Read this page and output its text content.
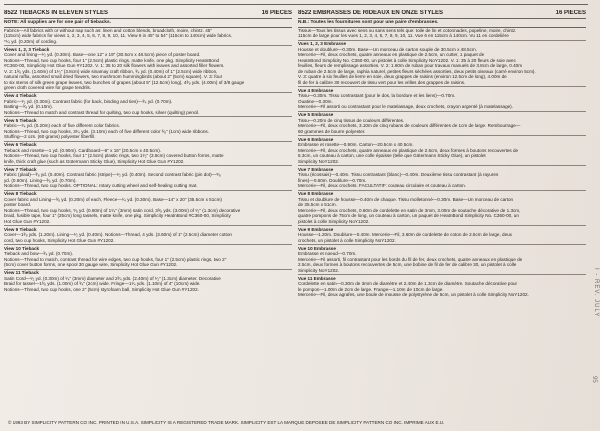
8522 TIEBACKS IN ELEVEN STYLES	16 PIECES
NOTE: All supplies are for one pair of tiebacks.

Fabrics—All fabrics with or without nap such as: linen and cotton blends, broadcloth, moire, chintz. 45"

(115cm) wide fabrics for views 1, 2, 3, 4, 5, 6, 7, 8, 9, 10, 11. View 6 in 45" to 54" (115cm to 140cm) wide fabrics.

*¹⁄₄ yd. (0.20m) of cording.

Views 1, 2, 3 Tieback

Cover and lining—¹⁄₂ yd. (0.30m). Base—one 12" x 19" (30.5cm x 48.5cm) piece of poster board.

Notions—Thread, two cup hooks, four 1" (2.5cm) plastic rings, matte knife, one pkg. Simplicity HeatnBond

#C360-00, Simplicity Hot Glue Gun #Y1202. V. 1: 35 to 20 silk flowers with leaves and assorted filler flowers.

V. 2: 1³⁄₈ yds. (1.60m) of 1¹⁄₂" (3.8cm) wide sinamay craft ribbon, ³⁄₄ yd. (0.40m) of 1" (2.5cm) wide ribbon,

natural raffia, assorted small dried flowers, two mushroom hummingbirds (about 2" (5cm) square). V. 3: four

to six stems of silk green grape leaves, two bunches of grapes (about 5" (12.5cm) long), 4³⁄₈ yds. (4.00m) of 3/8 gauge

green cloth covered wire for grape tendrils.

View 4 Tieback

Fabric—¹⁄₂ yd. (0.30m). Contrast fabric (for back, binding and ties)—³⁄₄ yd. (0.70m).

Batting—³⁄₈ yd. (0.10m).

Notions—Thread to match and contrast thread for quilting, two cup hooks, silver (quilting) pencil.

View 5 Tieback

Fabric—¹⁄₄ yd. (0.20m) each of five different color fabrics.

Notions—Thread, two cup hooks, 3¹⁄₄ yds. (3.10m) each of five different color ³⁄₈" (1cm) wide ribbons.

Stuffing—2 ozs. (60 grams) polyester fiberfill.

View 6 Tieback

Tieback and rosette—1 yd. (0.90m). Cardboard—8" x 16" (20.5cm x 40.5cm).

Notions—Thread, two cup hooks, four 1" (2.5cm) plastic rings, two 1¹⁄₂" (3.8cm) covered button forms, matte

knife, thick craft glue (such as Gütermann Sticky Glue), Simplicity Hot Glue Gun #Y1202.

View 7 Tieback

Fabric (plaid)—³⁄₈ yd. (0.40m). Contrast fabric (stripe)—¹⁄₂ yd. (0.40m). Second contrast fabric (pin dot)—⁵⁄₈

yd. (0.60m). Lining—³⁄₈ yd. (0.70m).

Notions—Thread, two cup hooks. OPTIONAL: rotary cutting wheel and self-healing cutting mat.

View 8 Tieback

Cover fabric and Lining—³⁄₈ yd. (0.20m) of each, Fleece—¹⁄₄ yd. (0.30m). Base—14" x 20" (35.5cm x 51cm)

poster board.

Notions—Thread, two cup hooks, ⁵⁄₈ yd. (0.60m) of 1¹⁄₄" (3mm) satin cord, 3³⁄₈ yds. (3.00m) of ¹⁄₂" (1.3cm) decorative

braid, fusible tape, four 1" (25cm) long tassels, matte knife, one pkg. Simplicity HeatnBond #C360-00, Simplicity

Hot Glue Gun #Y1202.

View 9 Tieback

Cover—1³⁄₈ yds. (1.20m). Lining—¹⁄₂ yd. (0.40m). Notions—Thread, 4 yds. (3.60m) of 1" (2.5cm) diameter cotton

cord, two cup hooks, Simplicity Hot Glue Gun #Y1202.

View 10 Tieback

Tieback and bow—³⁄₄ yd. (0.70m).

Notions—Thread to match, contrast thread for wire edges, two cup hooks, four 1" (2.5cm) plastic rings, two 2"

(5cm) cover button forms, one spool 30 gauge wire, Simplicity Hot Glue Gun #Y1202.

View 11 Tieback

Satin Cord—¹⁄₂ yd. (0.30m) of ¹⁄₄" (3mm) diameter and 2³⁄₄ yds. (2.40m) of ¹⁄₂" (1.3cm) diameter. Decorative

Braid for tassel—1³⁄₈ yds. (1.00m) of ³⁄₄" (2cm) wide. Fringe—1¹⁄₄ yds. (1.10m) of 4" (10cm) wide.

Notions—Thread, two cup hooks, one 2" (5cm) styrofoam ball, Simplicity Hot Glue Gun #Y1202.

8522 EMBRASSES DE RIDEAUX EN ONZE STYLES	16 PIECES
N.B.: Toutes les fournitures sont pour une paire d'embrasses.

Tissus—Tous les tissus avec sens ou sans sens tels que: toile de lin et cotonnades, popeline, moire, chintz.

115cm de large pour les vues 1, 2, 3, 4, 5, 7, 8, 9, 10, 11. Vue 6 en 115cm à 140cm. Vu 11 en cordelière

Vues 1, 2, 3 Embrasse

Housse et doublure—0.30m. Base—Un morceau de carton souple de 30.5cm x 48.5cm.

Mercerie—Fil, deux crochets, quatre anneaux en plastique de 2.5cm, un cutter, 1 paquet de

HeatnBond Simplicity No. C360-00, un pistolet à colle Simplicity NoY1202. V. 1: 35 à 20 fleurs de soie avec

feuilles, fleurs de remplissage assorties. V. 2: 1.60m de ruban pour travaux manuels de 3.8cm de large, 0.40m

de ruban de 2.5cm de large, raphia naturel, petites fleurs séchées assorties, deux petits oiseaux (carré environ 5cm).

V. 3: quatre à six feuilles de lierre en soie, deux grappes de raisins (environ 12.5cm de long), 4.00m de

fil de fer à calibre 30 recouvert de tissu vert pour les vrilles des grappes de raisins.

Vue 4 Embrasse

Tissu—0.30m. Tissu contrastant (pour le dos, la bordure et les liens)—0.70m.

Ouatine—0.30m.

Mercerie—Fil assorti ou contrastant pour le matelassage, deux crochets, crayon argenté (à matelassage).

Vue 5 Embrasse

Tissu—0.20m de cinq tissus de couleurs différentes.

Mercerie—Fil, deux crochets, 3.10m de cinq rubans de couleurs différentes de 1cm de large. Rembourrage—

60 grammes de bourre polyester.

Vue 6 Embrasse

Embrasse et rosette—0.90m. Carton—20.5cm x 40.5cm.

Mercerie—Fil, deux crochets, quatre anneaux en plastique de 2.5cm, deux formes à boutons recouvertes de

6.3cm, un couteau à carton, une colle épaisse (telle que Gütermann Sticky Glue), un pistolet

Simplicity NoY1202.

Vue 7 Embrasse

Tissu (écossais)—0.40m. Tissu contrastant (blanc)—0.40m. Deuxième tissu contrastant (à rayures

fines)—0.60m. Doublure—0.70m.

Mercerie—Fil, deux crochets. FACULTATIF: couteau circulaire et couteau à carton.

Vue 8 Embrasse

Tissu et doublure de housse—0.40m de chaque. Tissu molletonné—0.30m. Base—Un morceau de carton

de 35.5cm x 51cm.

Mercerie—Fil, deux crochets, 0.60m de cordelette en satin de 3mm, 3.00m de soutache décorative de 1.3cm,

quatre pompons de 75cm de long, un couteau à carton, un paquet de HeatnBond Simplicity No. C360-00, un

pistolet à colle Simplicity NoY1202.

Vue 9 Embrasse

Housse—1.20m. Doublure—0.40m. Mercerie—Fil, 3.60m de cordelette de coton de 2.5cm de large, deux

crochets, un pistolet à colle Simplicity NoY1202.

Vue 10 Embrasse

Embrasse et noeud—0.70m.

Mercerie—Fil assorti, fil contrastant pour les bords du fil de fer, deux crochets, quatre anneaux en plastique de

2.5cm, deux formes à boutons recouvertes de 5cm, une bobine de fil de fer de calibre 30, un pistolet à colle

Simplicity NoY1202.

Vue 11 Embrasse

Cordelette en satin—0.30m de 3mm de diamètre et 2.40m de 1.3cm de diamètre. Soutache décorative pour

le pompon—1.00m de 2cm de large. Frange—1.10m de 10cm de large.

Mercerie—Fil, deux agrafes, une boule de mousse de polystyrène de 5cm, un pistolet à colle Simplicity NoY1202.

© 1993 BY SIMPLICITY PATTERN CO INC. PRINTED IN U.S.A. SIMPLICITY IS A REGISTERED TRADE MARK. SIMPLICITY EST LA MARQUE DEPOSEE DE SIMPLICITY PATTERN CO INC. IMPRIME AUX E.U.
I - REV. JULY
95
